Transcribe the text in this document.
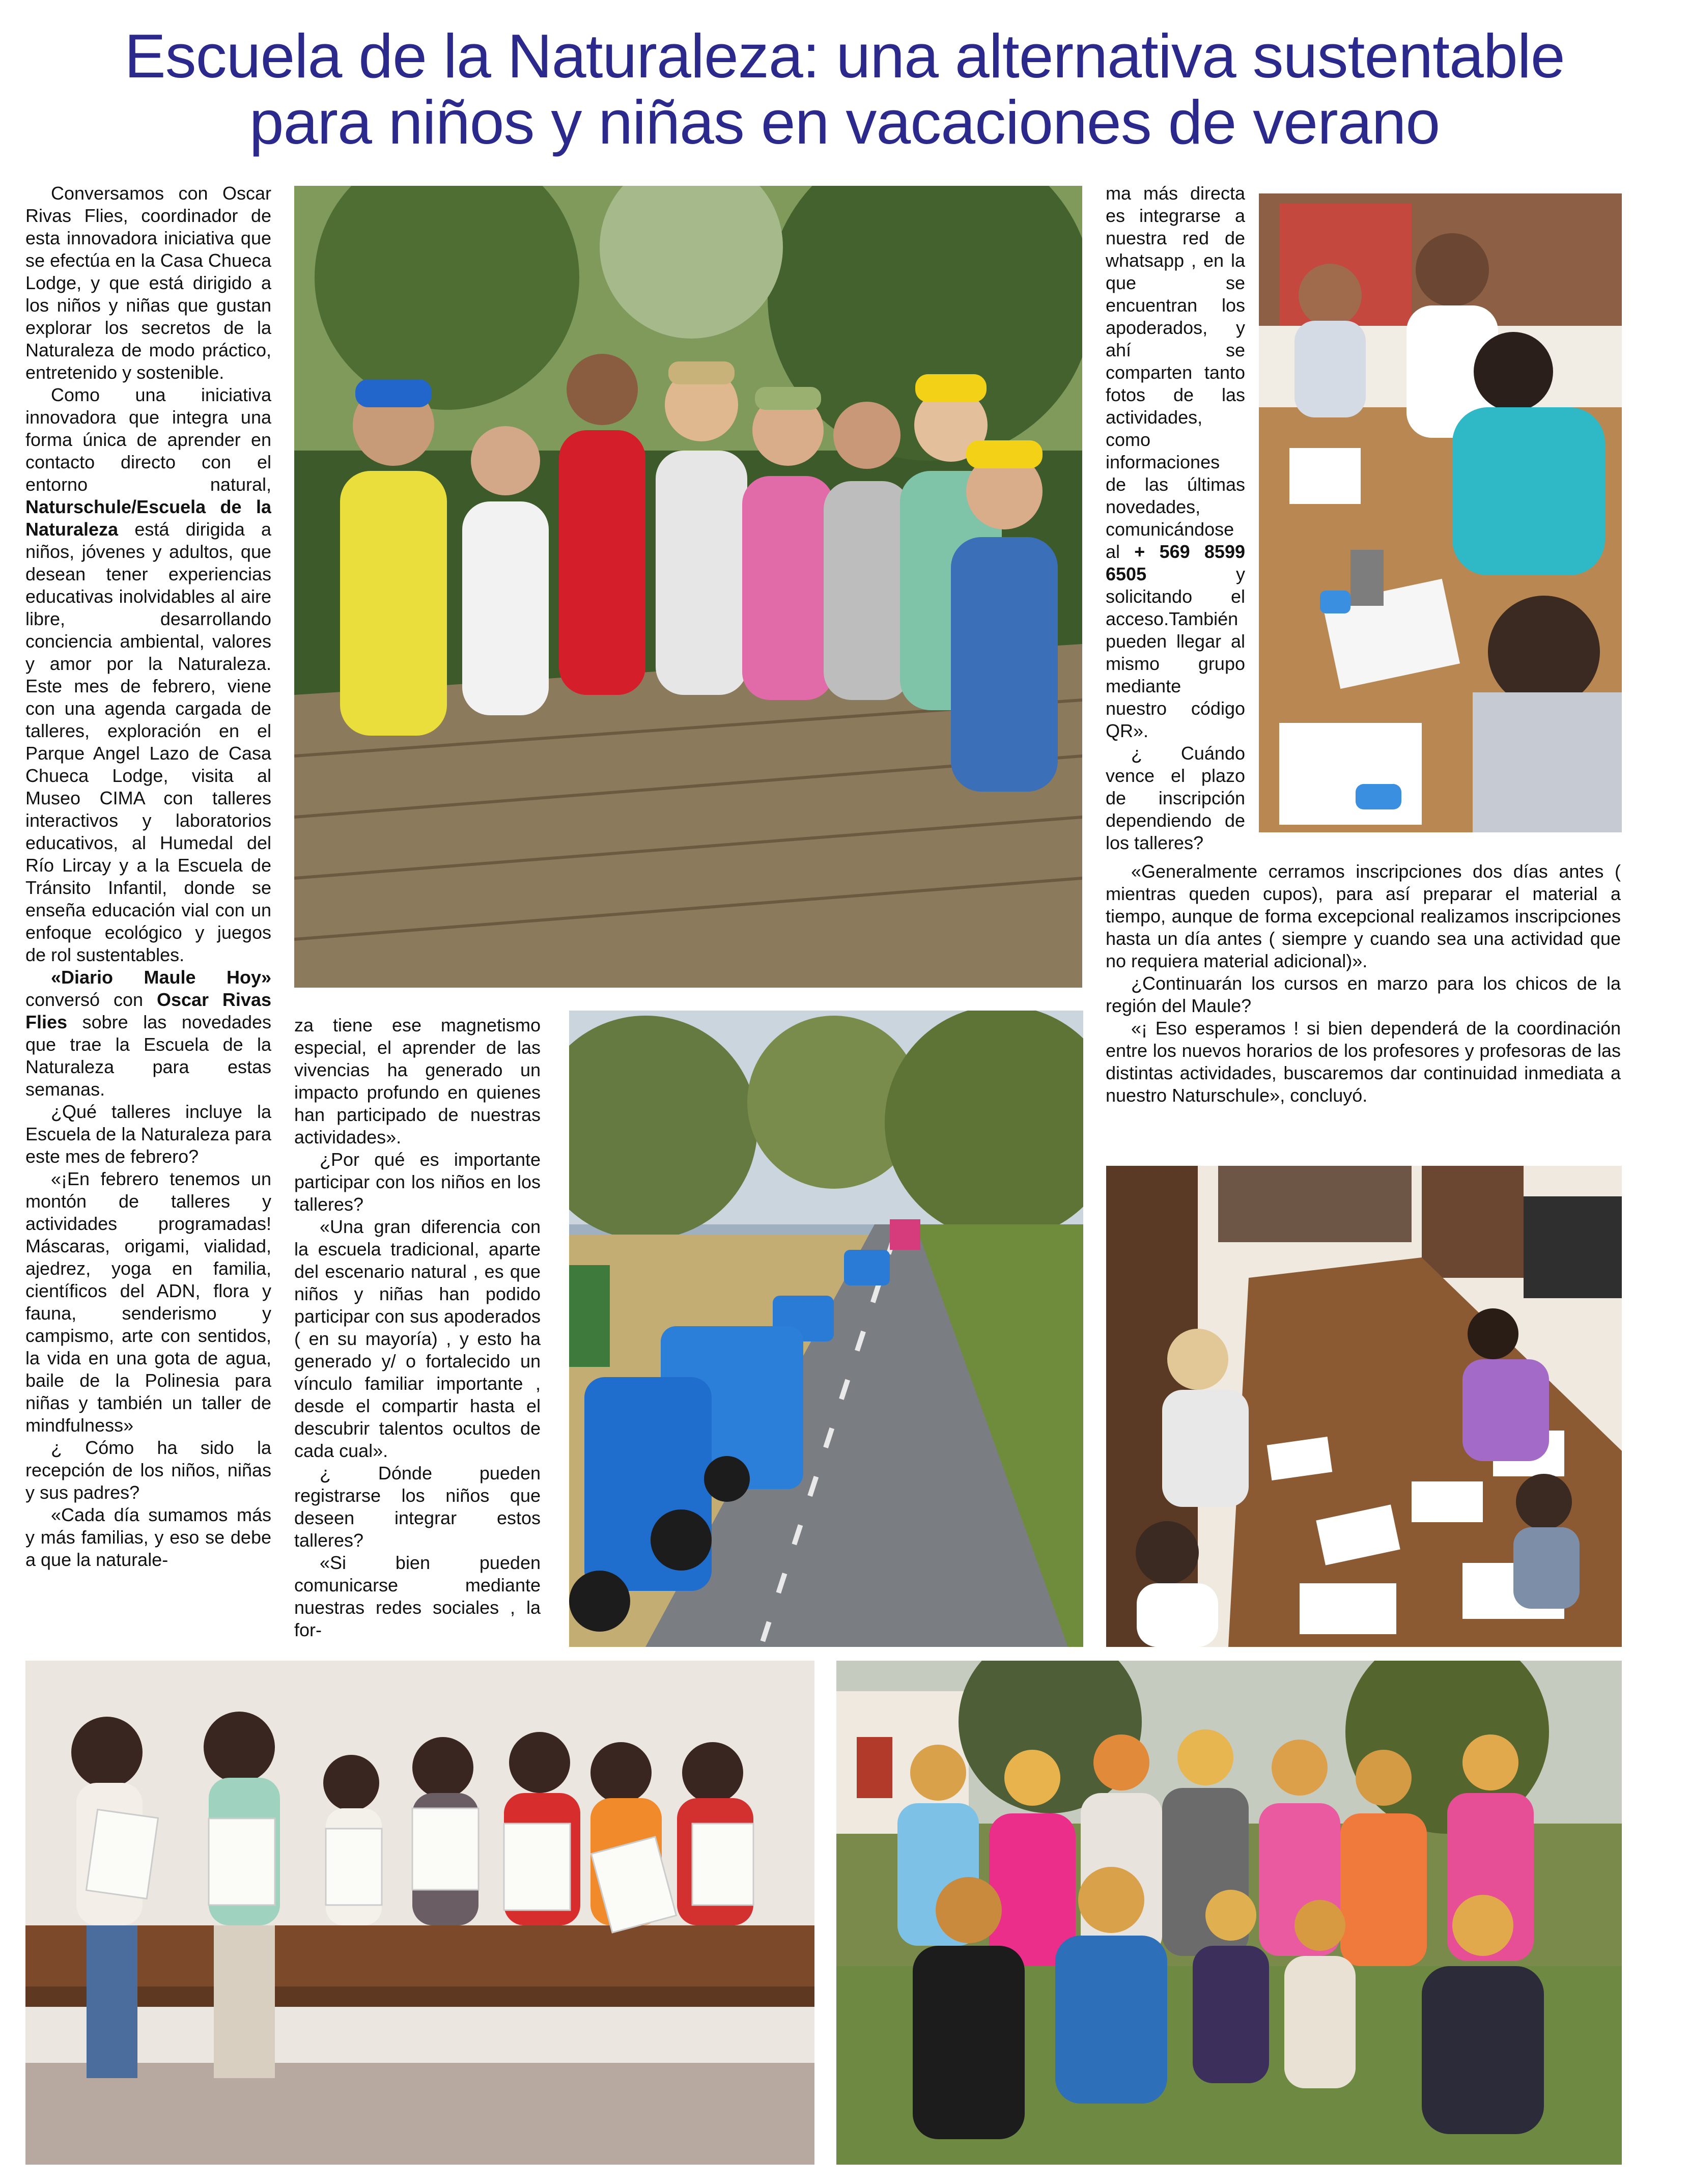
Escuela de la Naturaleza: una alternativa sustentable
para niños y niñas en vacaciones de verano

Conversamos con Oscar Rivas Flies, coordinador de esta innovadora iniciativa que se efectúa en la Casa Chueca Lodge, y que está dirigido a los niños y niñas que gustan explorar los secretos de la Naturaleza de modo práctico, entretenido y sostenible.

Como una iniciativa innovadora que integra una forma única de aprender en contacto directo con el entorno natural, Naturschule/Escuela de la Naturaleza está dirigida a niños, jóvenes y adultos, que desean tener experiencias educativas inolvidables al aire libre, desarrollando conciencia ambiental, valores y amor por la Naturaleza. Este mes de febrero, viene con una agenda cargada de talleres, exploración en el Parque Angel Lazo de Casa Chueca Lodge, visita al Museo CIMA con talleres interactivos y laboratorios educativos, al Humedal del Río Lircay y a la Escuela de Tránsito Infantil, donde se enseña educación vial con un enfoque ecológico y juegos de rol sustentables.

«Diario Maule Hoy» conversó con Oscar Rivas Flies sobre las novedades que trae la Escuela de la Naturaleza para estas semanas.

¿Qué talleres incluye la Escuela de la Naturaleza para este mes de febrero?

«¡En febrero tenemos un montón de talleres y actividades programadas! Máscaras, origami, vialidad, ajedrez, yoga en familia, científicos del ADN, flora y fauna, senderismo y campismo, arte con sentidos, la vida en una gota de agua, baile de la Polinesia para niñas y también un taller de mindfulness»

¿ Cómo ha sido la recepción de los niños, niñas y sus padres?

«Cada día sumamos más y más familias, y eso se debe a que la naturale-

za tiene ese magnetismo especial, el aprender de las vivencias ha generado un impacto profundo en quienes han participado de nuestras actividades».

¿Por qué es importante participar con los niños en los talleres?

«Una gran diferencia con la escuela tradicional, aparte del escenario natural , es que niños y niñas han podido participar con sus apoderados ( en su mayoría) , y esto ha generado y/ o fortalecido un vínculo familiar importante , desde el compartir hasta el descubrir talentos ocultos de cada cual».

¿ Dónde pueden registrarse los niños que deseen integrar estos talleres?

«Si bien pueden comunicarse mediante nuestras redes sociales , la for-

ma más directa es integrarse a nuestra red de whatsapp , en la que se encuentran los apoderados, y ahí se comparten tanto fotos de las actividades, como informaciones de las últimas novedades, comunicándose al + 569 8599 6505 y solicitando el acceso.También pueden llegar al mismo grupo mediante nuestro código QR».

¿ Cuándo vence el plazo de inscripción dependiendo de los talleres?

«Generalmente cerramos inscripciones dos días antes ( mientras queden cupos), para así preparar el material a tiempo, aunque de forma excepcional realizamos inscripciones hasta un día antes ( siempre y cuando sea una actividad que no requiera material adicional)».

¿Continuarán los cursos en marzo para los chicos de la región del Maule?

«¡ Eso esperamos ! si bien dependerá de la coordinación entre los nuevos horarios de los profesores y profesoras de las distintas actividades, buscaremos dar continuidad inmediata a nuestro Naturschule», concluyó.
